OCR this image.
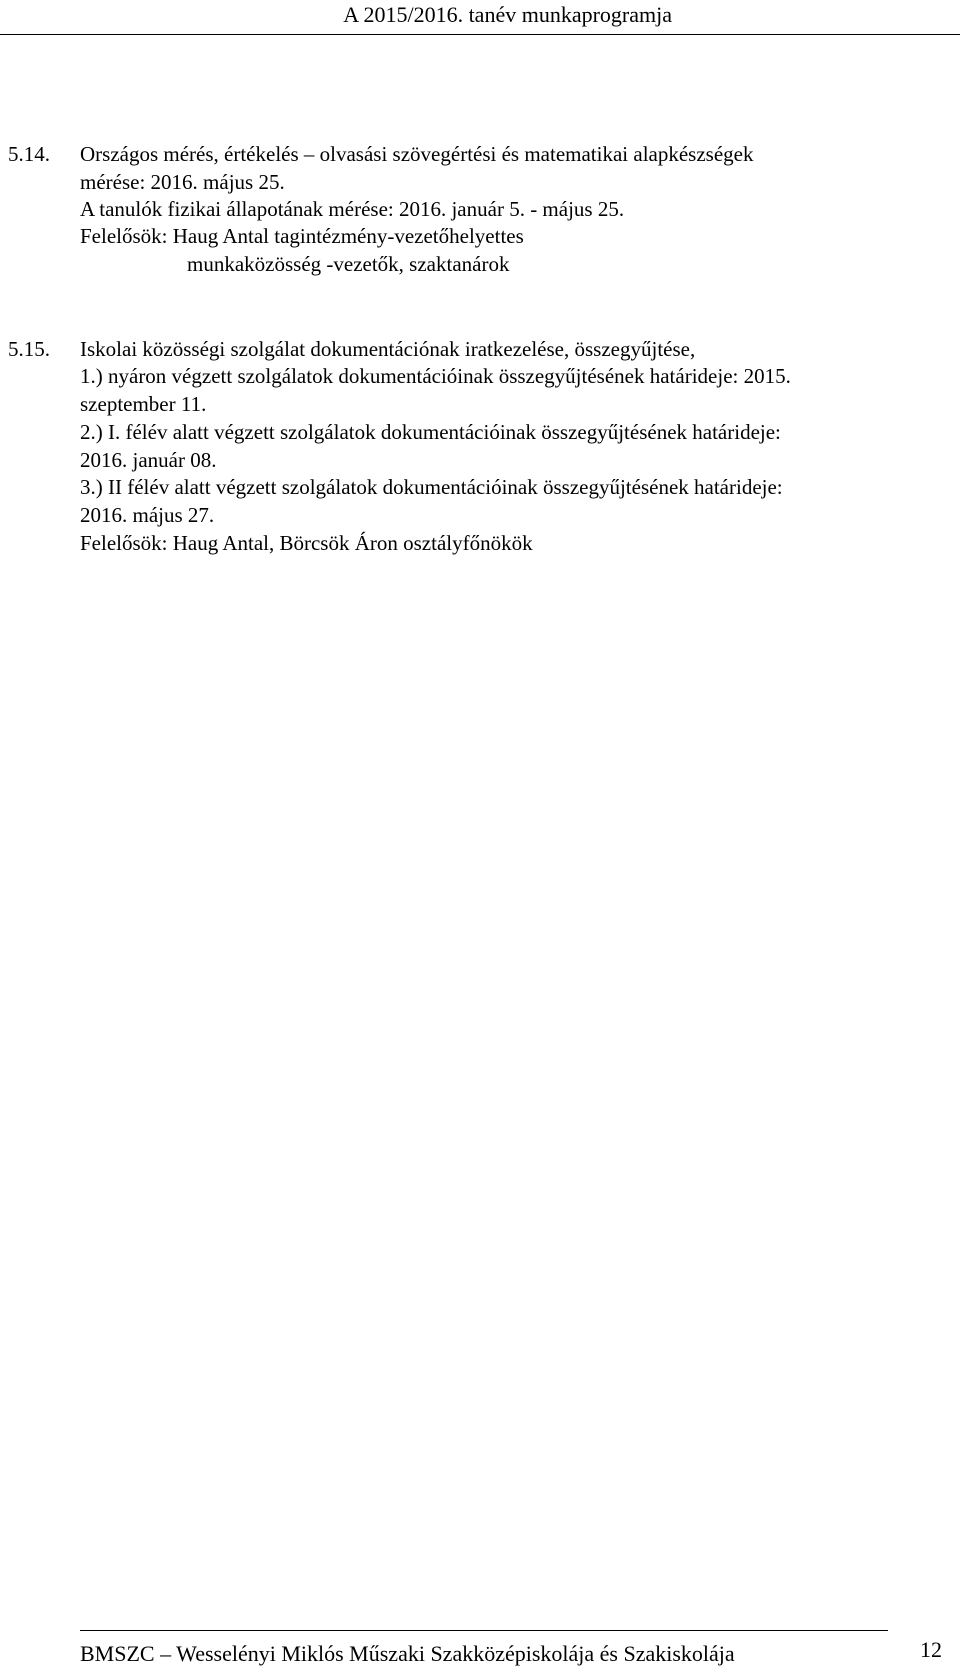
A 2015/2016. tanév munkaprogramja
5.14. Országos mérés, értékelés – olvasási szövegértési és matematikai alapkészségek
mérése: 2016. május 25.
A tanulók fizikai állapotának mérése: 2016. január 5. - május 25.
Felelősök: Haug Antal tagintézmény-vezetőhelyettes
munkaközösség -vezetők, szaktanárok
5.15. Iskolai közösségi szolgálat dokumentációnak iratkezelése, összegyűjtése,
1.) nyáron végzett szolgálatok dokumentációinak összegyűjtésének határideje: 2015.
szeptember 11.
2.) I. félév alatt végzett szolgálatok dokumentációinak összegyűjtésének határideje:
2016. január 08.
3.) II félév alatt végzett szolgálatok dokumentációinak összegyűjtésének határideje:
2016. május 27.
Felelősök: Haug Antal, Börcsök Áron osztályfőnökök
BMSZC – Wesselényi Miklós Műszaki Szakközépiskolája és Szakiskolája	12
